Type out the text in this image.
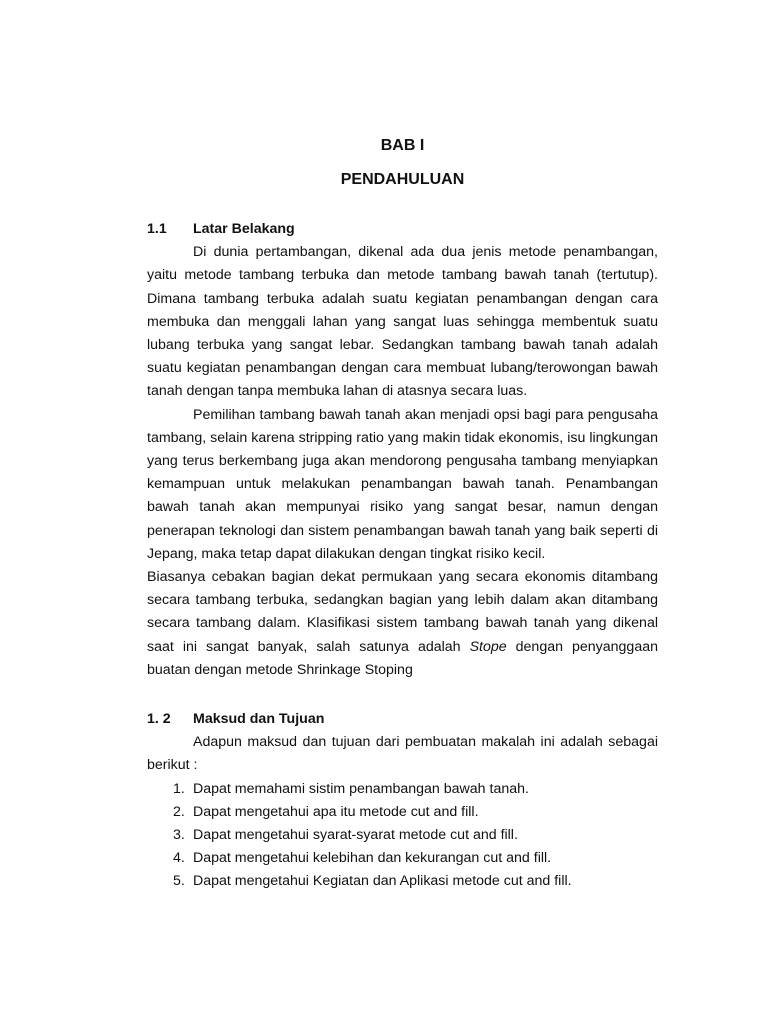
BAB I

PENDAHULUAN

1.1	Latar Belakang

Di dunia pertambangan, dikenal ada dua jenis metode penambangan, yaitu metode tambang terbuka dan metode tambang bawah tanah (tertutup). Dimana tambang terbuka adalah suatu kegiatan penambangan dengan cara membuka dan menggali lahan yang sangat luas sehingga membentuk suatu lubang terbuka yang sangat lebar. Sedangkan tambang bawah tanah adalah suatu kegiatan penambangan dengan cara membuat lubang/terowongan bawah tanah dengan tanpa membuka lahan di atasnya secara luas.

Pemilihan tambang bawah tanah akan menjadi opsi bagi para pengusaha tambang, selain karena stripping ratio yang makin tidak ekonomis, isu lingkungan yang terus berkembang juga akan mendorong pengusaha tambang menyiapkan kemampuan untuk melakukan penambangan bawah tanah. Penambangan bawah tanah akan mempunyai risiko yang sangat besar, namun dengan penerapan teknologi dan sistem penambangan bawah tanah yang baik seperti di Jepang, maka tetap dapat dilakukan dengan tingkat risiko kecil.

Biasanya cebakan bagian dekat permukaan yang secara ekonomis ditambang secara tambang terbuka, sedangkan bagian yang lebih dalam akan ditambang secara tambang dalam. Klasifikasi sistem tambang bawah tanah yang dikenal saat ini sangat banyak, salah satunya adalah Stope dengan penyanggaan buatan dengan metode Shrinkage Stoping

1. 2	Maksud dan Tujuan

Adapun maksud dan tujuan dari pembuatan makalah ini adalah sebagai berikut :

1. Dapat memahami sistim penambangan bawah tanah.
2. Dapat mengetahui apa itu metode cut and fill.
3. Dapat mengetahui syarat-syarat metode cut and fill.
4. Dapat mengetahui kelebihan dan kekurangan cut and fill.
5. Dapat mengetahui Kegiatan dan Aplikasi metode cut and fill.
